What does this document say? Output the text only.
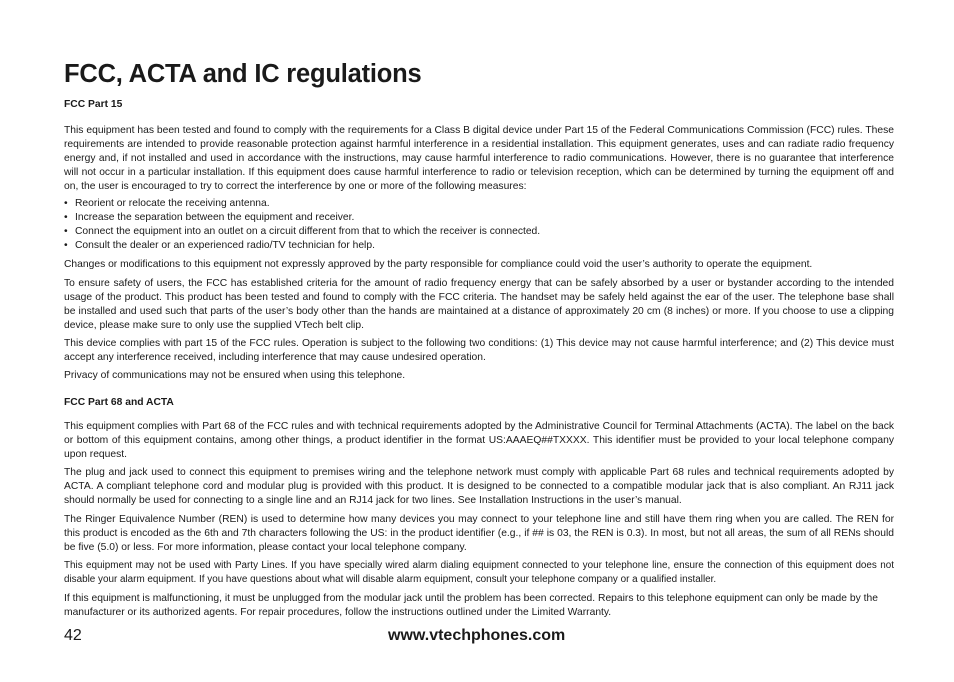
FCC, ACTA and IC regulations

FCC Part 15

This equipment has been tested and found to comply with the requirements for a Class B digital device under Part 15 of the Federal Communications Commission (FCC) rules. These requirements are intended to provide reasonable protection against harmful interference in a residential installation. This equipment generates, uses and can radiate radio frequency energy and, if not installed and used in accordance with the instructions, may cause harmful interference to radio communications. However, there is no guarantee that interference will not occur in a particular installation. If this equipment does cause harmful interference to radio or television reception, which can be determined by turning the equipment off and on, the user is encouraged to try to correct the interference by one or more of the following measures:

• Reorient or relocate the receiving antenna.
• Increase the separation between the equipment and receiver.
• Connect the equipment into an outlet on a circuit different from that to which the receiver is connected.
• Consult the dealer or an experienced radio/TV technician for help.

Changes or modifications to this equipment not expressly approved by the party responsible for compliance could void the user’s authority to operate the equipment.

To ensure safety of users, the FCC has established criteria for the amount of radio frequency energy that can be safely absorbed by a user or bystander according to the intended usage of the product. This product has been tested and found to comply with the FCC criteria. The handset may be safely held against the ear of the user. The telephone base shall be installed and used such that parts of the user’s body other than the hands are maintained at a distance of approximately 20 cm (8 inches) or more. If you choose to use a clipping device, please make sure to only use the supplied VTech belt clip.

This device complies with part 15 of the FCC rules. Operation is subject to the following two conditions: (1) This device may not cause harmful interference; and (2) This device must accept any interference received, including interference that may cause undesired operation.

Privacy of communications may not be ensured when using this telephone.

FCC Part 68 and ACTA

This equipment complies with Part 68 of the FCC rules and with technical requirements adopted by the Administrative Council for Terminal Attachments (ACTA). The label on the back or bottom of this equipment contains, among other things, a product identifier in the format US:AAAEQ##TXXXX. This identifier must be provided to your local telephone company upon request.

The plug and jack used to connect this equipment to premises wiring and the telephone network must comply with applicable Part 68 rules and technical requirements adopted by ACTA. A compliant telephone cord and modular plug is provided with this product. It is designed to be connected to a compatible modular jack that is also compliant. An RJ11 jack should normally be used for connecting to a single line and an RJ14 jack for two lines. See Installation Instructions in the user’s manual.

The Ringer Equivalence Number (REN) is used to determine how many devices you may connect to your telephone line and still have them ring when you are called. The REN for this product is encoded as the 6th and 7th characters following the US: in the product identifier (e.g., if ## is 03, the REN is 0.3). In most, but not all areas, the sum of all RENs should be five (5.0) or less. For more information, please contact your local telephone company.

This equipment may not be used with Party Lines. If you have specially wired alarm dialing equipment connected to your telephone line, ensure the connection of this equipment does not disable your alarm equipment. If you have questions about what will disable alarm equipment, consult your telephone company or a qualified installer.

If this equipment is malfunctioning, it must be unplugged from the modular jack until the problem has been corrected. Repairs to this telephone equipment can only be made by the manufacturer or its authorized agents. For repair procedures, follow the instructions outlined under the Limited Warranty.

42	www.vtechphones.com
